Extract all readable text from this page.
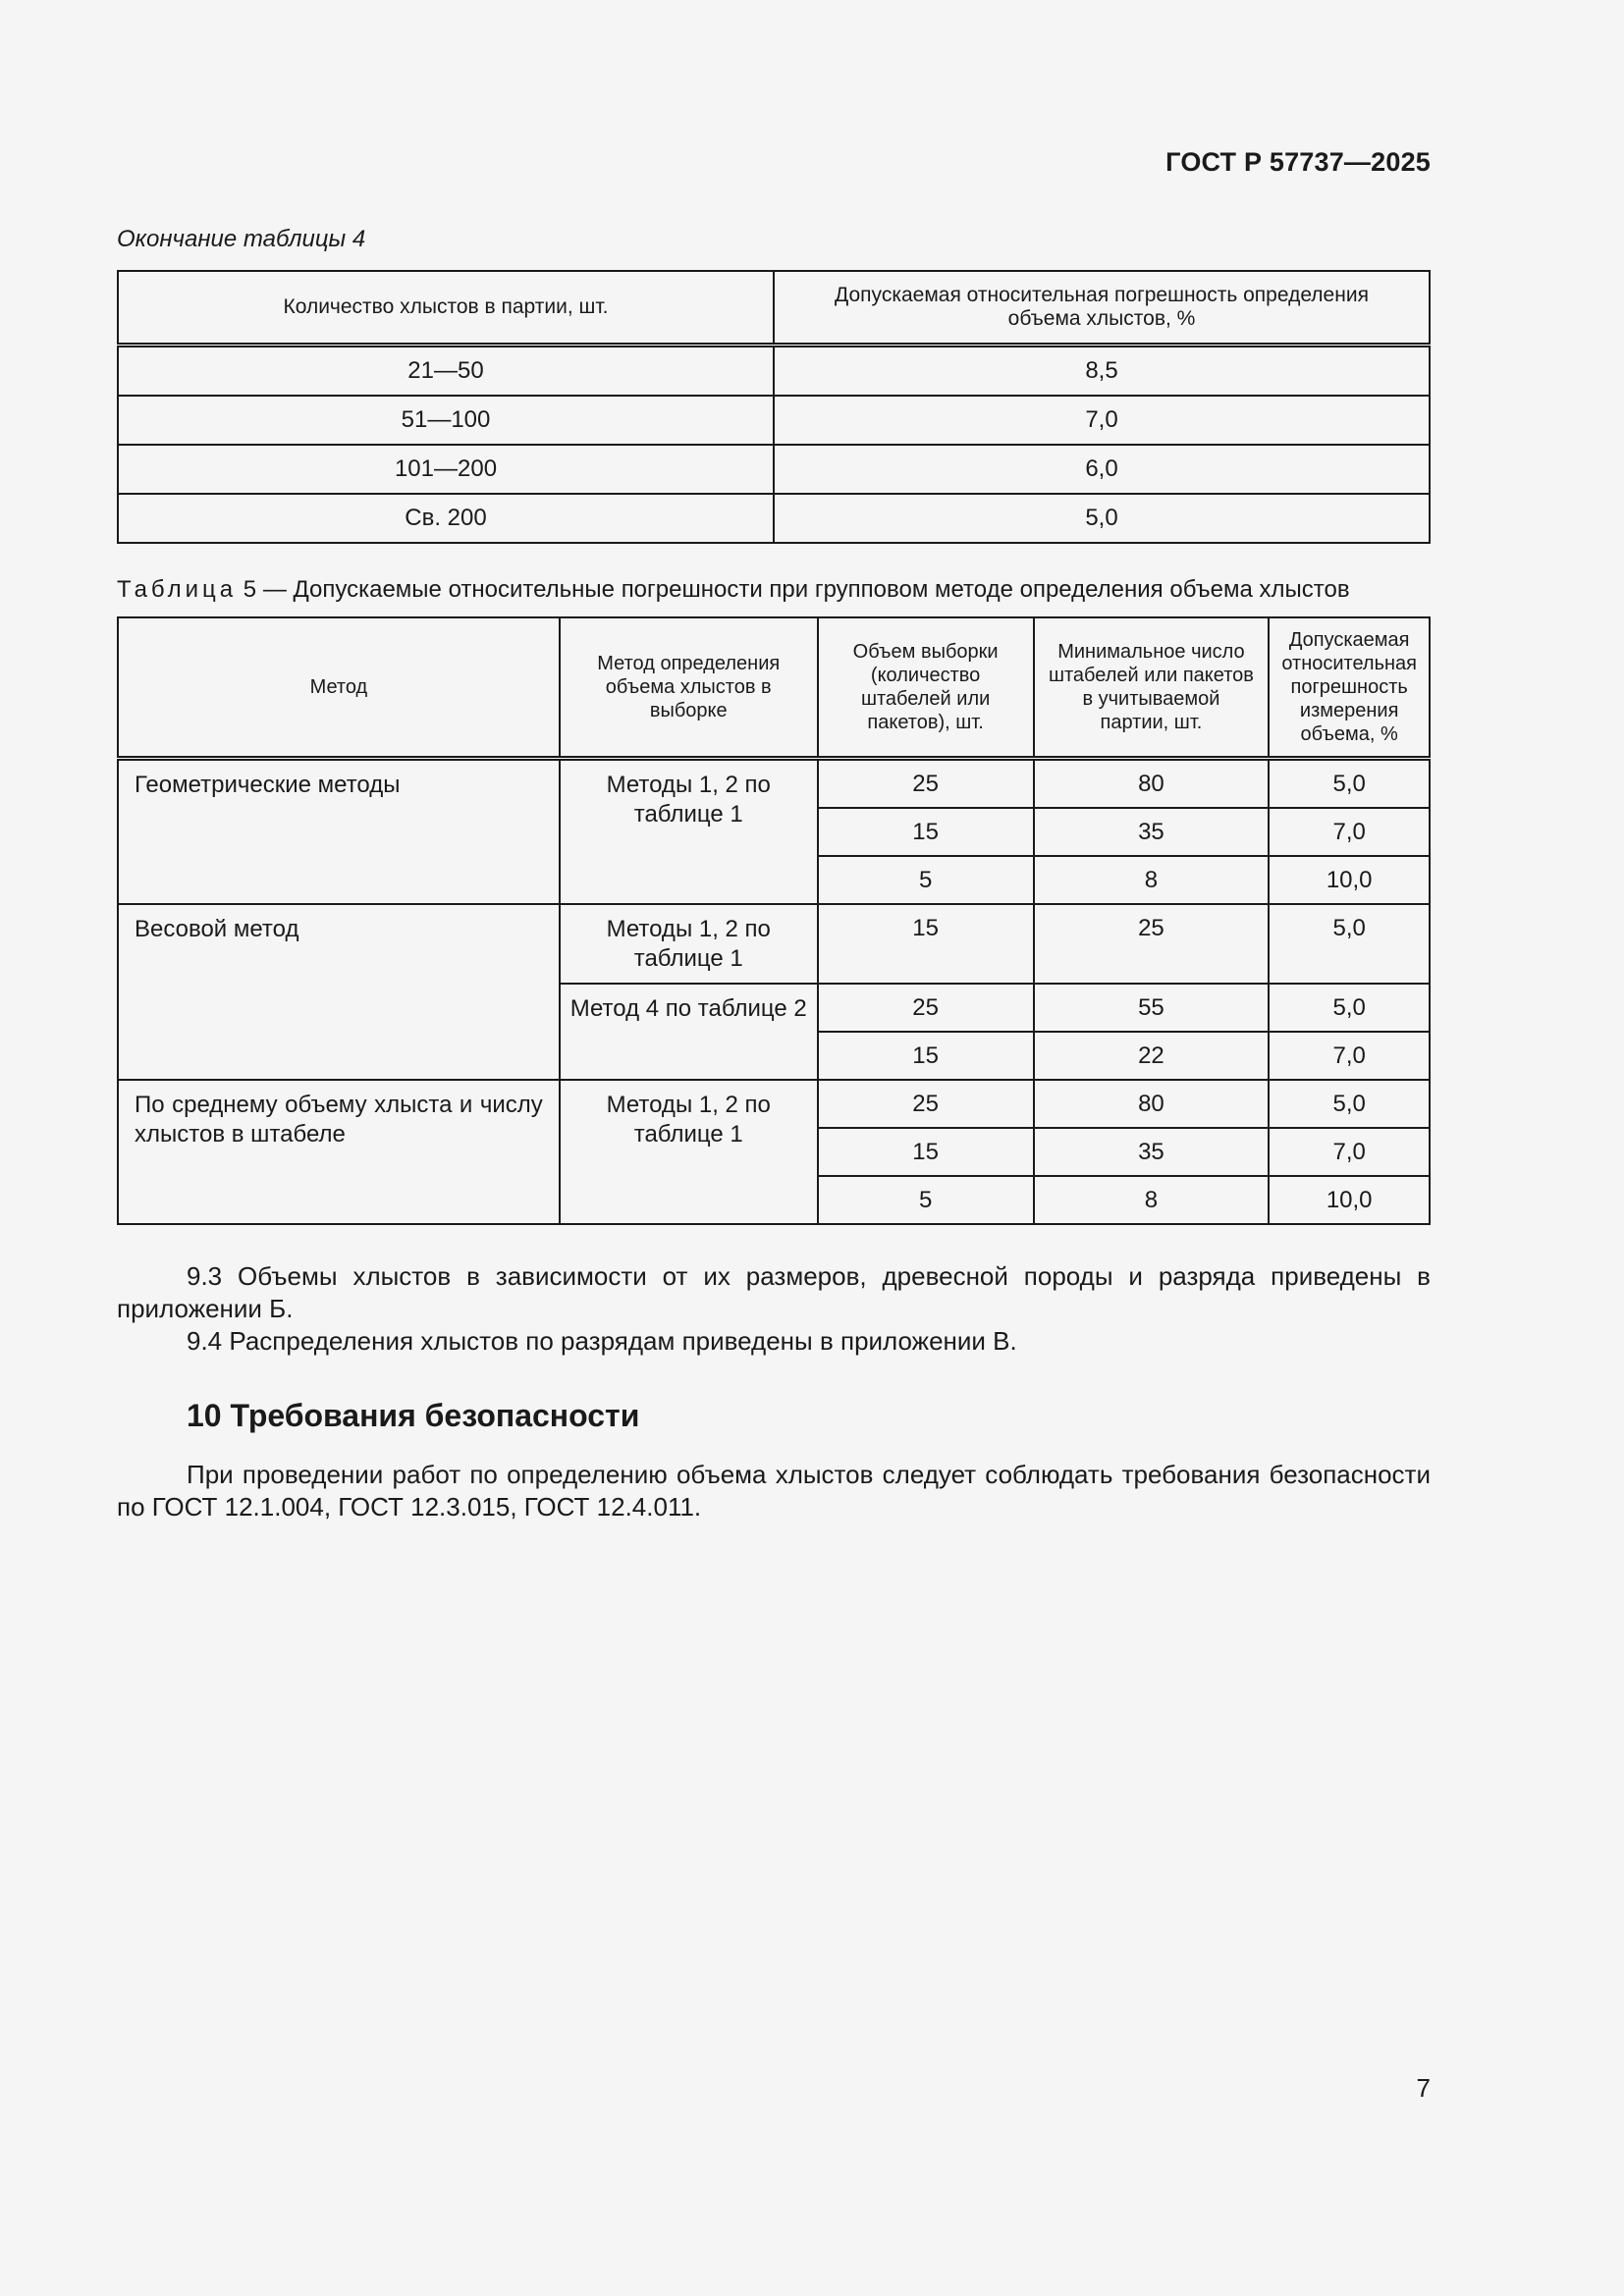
ГОСТ Р 57737—2025
Окончание таблицы 4
Количество хлыстов в партии, шт.	Допускаемая относительная погрешность определения объема хлыстов, %
21—50	8,5
51—100	7,0
101—200	6,0
Св. 200	5,0
Таблица 5 — Допускаемые относительные погрешности при групповом методе определения объема хлыстов
Метод	Метод определения объема хлыстов в выборке	Объем выборки (количество штабелей или пакетов), шт.	Минимальное число штабелей или пакетов в учитываемой партии, шт.	Допускаемая относительная погрешность измерения объема, %
Геометрические методы	Методы 1, 2 по таблице 1	25	80	5,0
		15	35	7,0
		5	8	10,0
Весовой метод	Методы 1, 2 по таблице 1	15	25	5,0
	Метод 4 по таблице 2	25	55	5,0
		15	22	7,0
По среднему объему хлыста и числу хлыстов в штабеле	Методы 1, 2 по таблице 1	25	80	5,0
		15	35	7,0
		5	8	10,0
9.3 Объемы хлыстов в зависимости от их размеров, древесной породы и разряда приведены в приложении Б.
9.4 Распределения хлыстов по разрядам приведены в приложении В.
10 Требования безопасности
При проведении работ по определению объема хлыстов следует соблюдать требования безопасности по ГОСТ 12.1.004, ГОСТ 12.3.015, ГОСТ 12.4.011.
7
